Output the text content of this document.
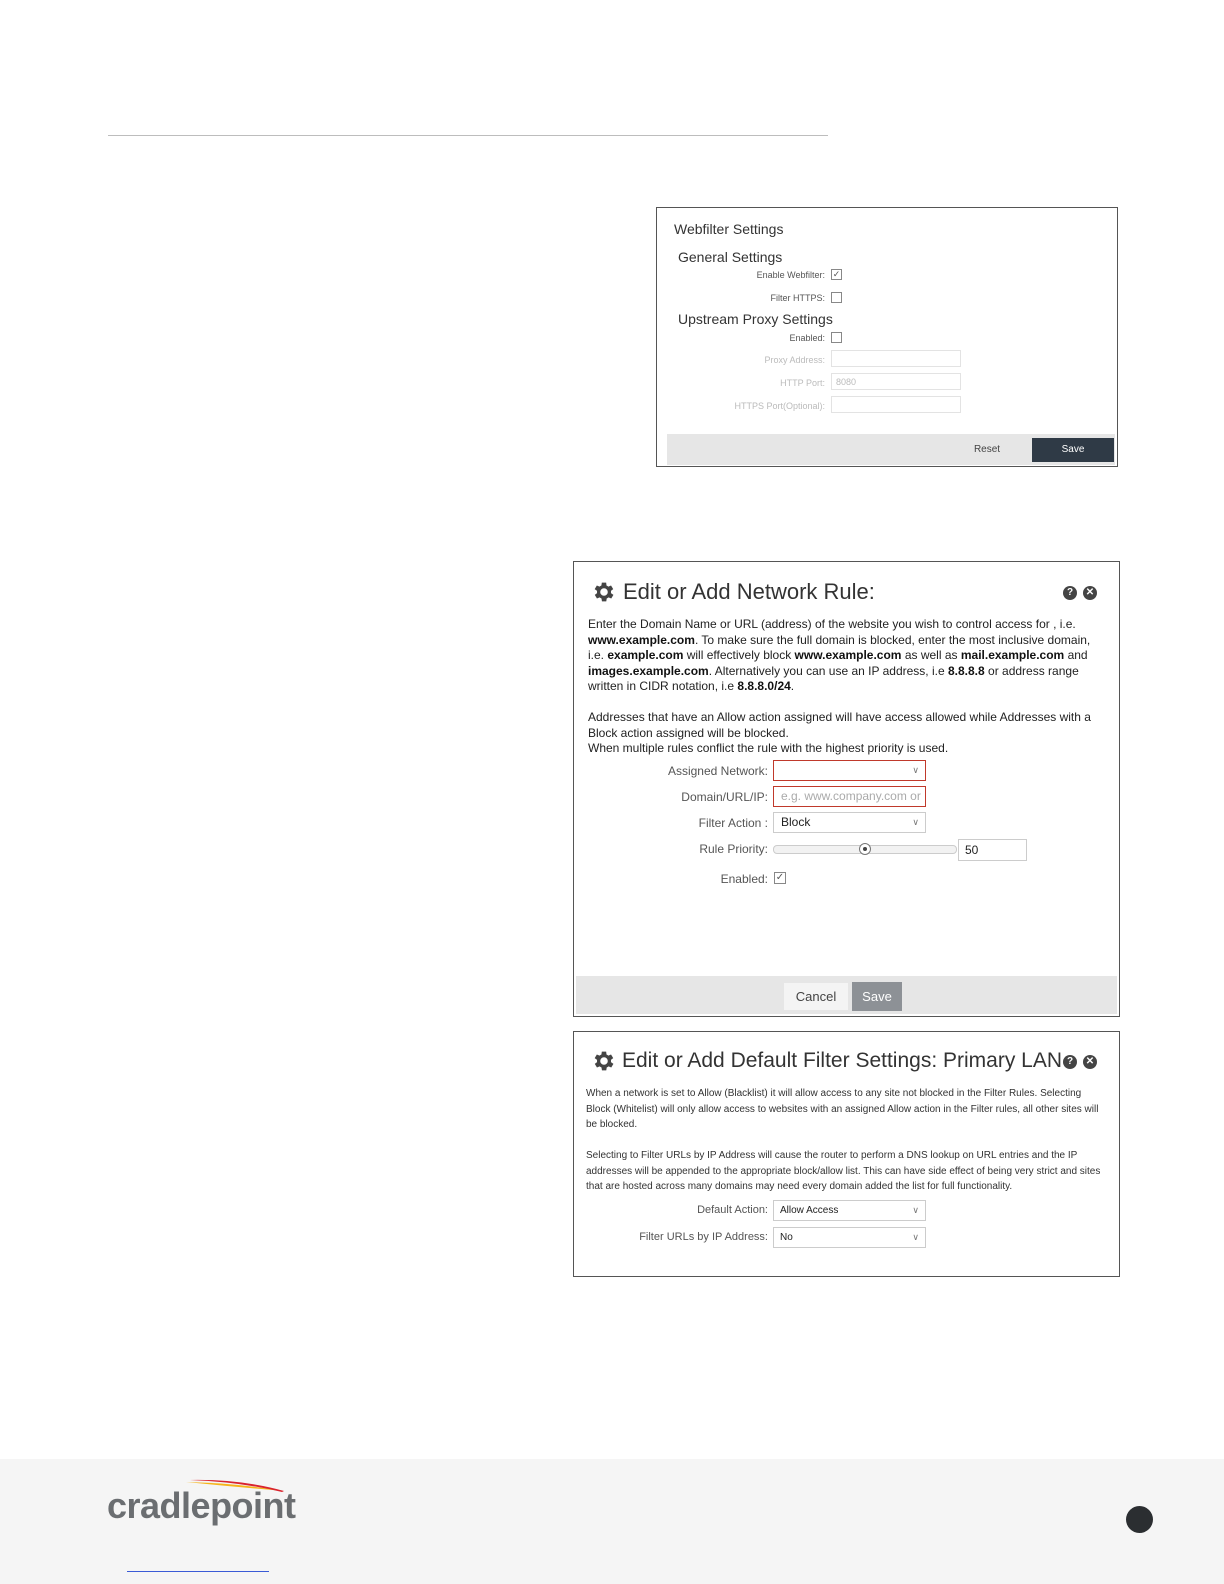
Webfilter Settings
General Settings
Enable Webfilter: ✓
Filter HTTPS:
Upstream Proxy Settings
Enabled:
Proxy Address:
HTTP Port:	8080
HTTPS Port(Optional):
Reset	Save
Edit or Add Network Rule:	?	✕
Enter the Domain Name or URL (address) of the website you wish to control access for , i.e. www.example.com. To make sure the full domain is blocked, enter the most inclusive domain, i.e. example.com will effectively block www.example.com as well as mail.example.com and images.example.com. Alternatively you can use an IP address, i.e 8.8.8.8 or address range written in CIDR notation, i.e 8.8.8.0/24.
Addresses that have an Allow action assigned will have access allowed while Addresses with a Block action assigned will be blocked.
When multiple rules conflict the rule with the highest priority is used.
Assigned Network:	∨
Domain/URL/IP:	e.g. www.company.com or
Filter Action :	Block	∨
Rule Priority:	50
Enabled: ✓
Cancel	Save
Edit or Add Default Filter Settings: Primary LAN ?	✕
When a network is set to Allow (Blacklist) it will allow access to any site not blocked in the Filter Rules. Selecting Block (Whitelist) will only allow access to websites with an assigned Allow action in the Filter rules, all other sites will be blocked.
Selecting to Filter URLs by IP Address will cause the router to perform a DNS lookup on URL entries and the IP addresses will be appended to the appropriate block/allow list. This can have side effect of being very strict and sites that are hosted across many domains may need every domain added the list for full functionality.
Default Action:	Allow Access	∨
Filter URLs by IP Address:	No	∨
cradlepoint
